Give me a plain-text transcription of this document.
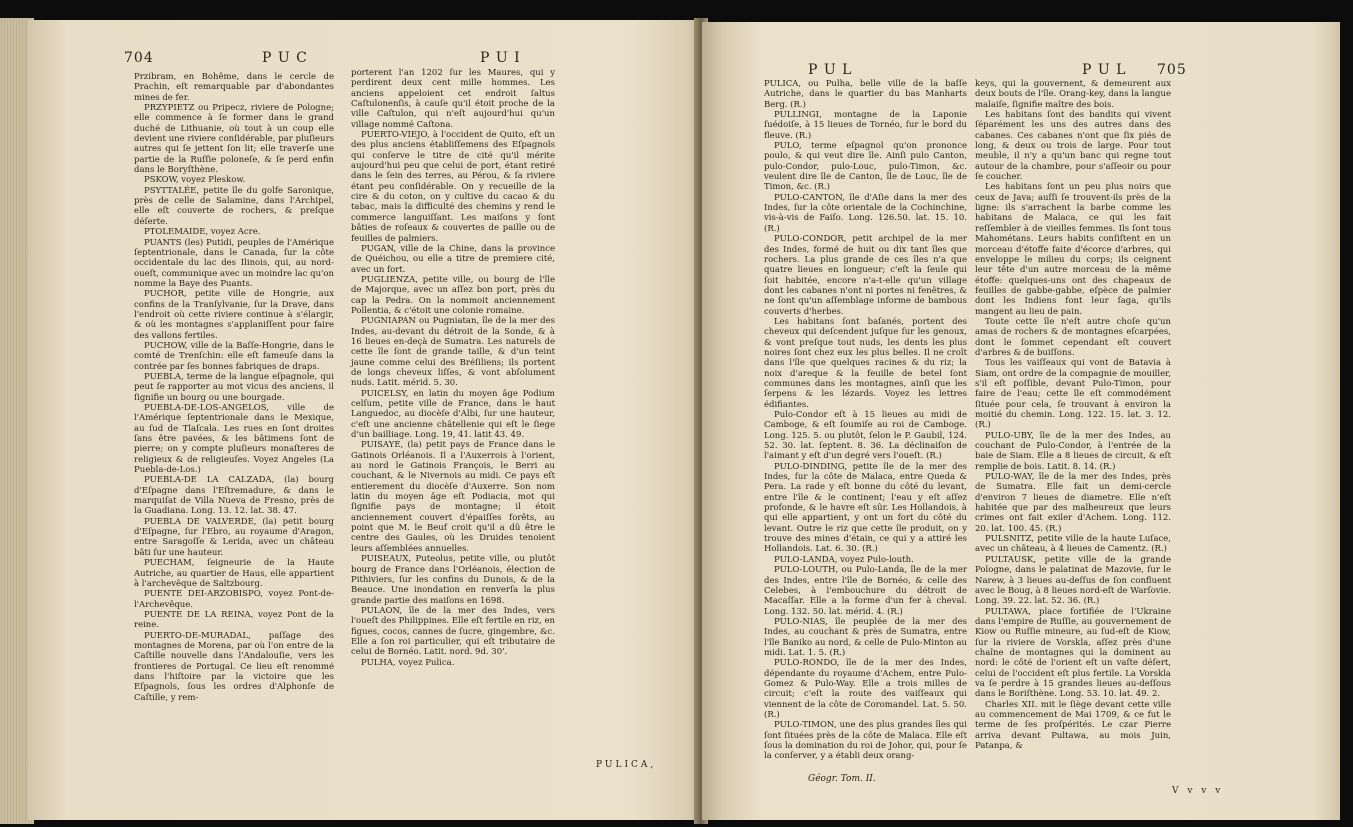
704	P U C	P U I

Przibram, en Bohême, dans le cercle de Prachin, eſt remarquable par d'abondantes mines de fer.

PRZYPIETZ ou Pripecz, riviere de Pologne; elle commence à ſe former dans le grand duché de Lithuanie, où tout à un coup elle devient une riviere conſidérable, par pluſieurs autres qui ſe jettent ſon lit; elle traverſe une partie de la Ruſſie poloneſe, & ſe perd enfin dans le Boryſthène.

PSKOW, voyez Pleskow.

PSYTTALÉE, petite île du golfe Saronique, près de celle de Salamine, dans l'Archipel, elle eſt couverte de rochers, & preſque déſerte.

PTOLEMAIDE, voyez Acre.

PUANTS (les) Putidi, peuples de l'Amérique ſeptentrionale, dans le Canada, ſur la côte occidentale du lac des Ilinois, qui, au nord-oueſt, communique avec un moindre lac qu'on nomme la Baye des Puants.

PUCHOR, petite ville de Hongrie, aux confins de la Tranſylvanie, ſur la Drave, dans l'endroit où cette riviere continue à s'élargir, & où les montagnes s'applaniſſent pour faire des vallons fertiles.

PUCHOW, ville de la Baſſe-Hongrie, dans le comté de Trenſchin: elle eſt fameuſe dans la contrée par ſes bonnes fabriques de draps.

PUEBLA, terme de la langue eſpagnole, qui peut ſe rapporter au mot vicus des anciens, il ſignifie un bourg ou une bourgade.

PUEBLA-DE-LOS-ANGELOS, ville de l'Amérique ſeptentrionale dans le Mexique, au ſud de Tlaſcala. Les rues en ſont droites ſans être pavées, & les bâtimens ſont de pierre; on y compte pluſieurs monaſteres de religieux & de religieuſes. Voyez Angeles (La Puebla-de-Los.)

PUEBLA-DE LA CALZADA, (la) bourg d'Eſpagne dans l'Eſtremadure, & dans le marquiſat de Villa Nueva de Fresno, près de la Guadiana. Long. 13. 12. lat. 38. 47.

PUEBLA DE VALVERDE, (la) petit bourg d'Eſpagne, ſur l'Ebro, au royaume d'Aragon, entre Saragoſſe & Lerida, avec un château bâti ſur une hauteur.

PUECHAM, ſeigneurie de la Haute Autriche, au quartier de Haus, elle appartient à l'archevêque de Saltzbourg.

PUENTE DEI-ARZOBISPO, voyez Pont-de-l'Archevêque.

PUENTE DE LA REINA, voyez Pont de la reine.

PUERTO-DE-MURADAL, paſſage des montagnes de Morena, par où l'on entre de la Caſtille nouvelle dans l'Andalouſie, vers les frontieres de Portugal. Ce lieu eſt renommé dans l'hiſtoire par la victoire que les Eſpagnols, ſous les ordres d'Alphonſe de Caſtille, y rem-

porterent l'an 1202 ſur les Maures, qui y perdirent deux cent mille hommes. Les anciens appeloient cet endroit ſaltus Caſtulonenſis, à cauſe qu'il étoit proche de la ville Caſtulon, qui n'eſt aujourd'hui qu'un village nommé Caſtona.

PUERTO-VIEJO, à l'occident de Quito, eſt un des plus anciens établiſſemens des Eſpagnols qui conſerve le titre de cité qu'il mérite aujourd'hui peu que celui de port, étant retiré dans le ſein des terres, au Pérou, & ſa riviere étant peu conſidérable. On y recueille de la cire & du coton, on y cultive du cacao & du tabac, mais la difficulté des chemins y rend le commerce languiſſant. Les maiſons y ſont bâties de roſeaux & couvertes de paille ou de feuilles de palmiers.

PUGAN, ville de la Chine, dans la province de Quéichou, ou elle a titre de premiere cité, avec un fort.

PUGLIENZA, petite ville, ou bourg de l'île de Majorque, avec un aſſez bon port, près du cap la Pedra. On la nommoit anciennement Pollentia, & c'étoit une colonie romaine.

PUGNIAPAN ou Pugniatan, île de la mer des Indes, au-devant du détroit de la Sonde, & à 16 lieues en-deçà de Sumatra. Les naturels de cette île ſont de grande taille, & d'un teint jaune comme celui des Bréſiliens; ils portent de longs cheveux liſſes, & vont abſolument nuds. Latit. mérid. 5. 30.

PUICELSY, en latin du moyen âge Podium celſum, petite ville de France, dans le haut Languedoc, au diocèſe d'Albi, ſur une hauteur, c'eſt une ancienne châtellenie qui eſt le ſiege d'un bailliage. Long. 19, 41. latit 43. 49.

PUISAYE, (la) petit pays de France dans le Gatinois Orléanois. Il a l'Auxerrois à l'orient, au nord le Gatinois François, le Berri au couchant, & le Nivernois au midi. Ce pays eſt entierement du diocèſe d'Auxerre. Son nom latin du moyen âge eſt Podiacia, mot qui ſignifie pays de montagne; il étoit anciennement couvert d'épaiſſes forêts, au point que M. le Beuf croit qu'il a dû être le centre des Gaules, où les Druides tenoient leurs aſſemblées annuelles.

PUISEAUX, Puteolus, petite ville, ou plutôt bourg de France dans l'Orléanois, élection de Pithiviers, ſur les confins du Dunois, & de la Beauce. Une inondation en renverſa la plus grande partie des maiſons en 1698.

PULAON, île de la mer des Indes, vers l'oueſt des Philippines. Elle eſt fertile en riz, en figues, cocos, cannes de ſucre, gingembre, &c. Elle a ſon roi particulier, qui eſt tributaire de celui de Bornéo. Latit. nord. 9d. 30'.

PULHA, voyez Pulica.

PULICA,
P U L	P U L 705

PULICA, ou Pulha, belle ville de la baſſe Autriche, dans le quartier du bas Manharts Berg. (R.)

PULLINGI, montagne de la Laponie ſuédoiſe, à 15 lieues de Tornéo, ſur le bord du fleuve. (R.)

PULO, terme eſpagnol qu'on prononce poulo, & qui veut dire île. Ainſi pulo Canton, pulo-Condor, pulo-Louc, pulo-Timon, &c. veulent dire île de Canton, île de Louc, île de Timon, &c. (R.)

PULO-CANTON, île d'Aſie dans la mer des Indes, ſur la côte orientale de la Cochinchine, vis-à-vis de Faiſo. Long. 126.50. lat. 15. 10. (R.)

PULO-CONDOR, petit archipel de la mer des Indes, formé de huit ou dix tant îles que rochers. La plus grande de ces îles n'a que quatre lieues en longueur; c'eſt la ſeule qui ſoit habitée, encore n'a-t-elle qu'un village dont les cabanes n'ont ni portes ni fenêtres, & ne ſont qu'un aſſemblage informe de bambous couverts d'herbes.

Les habitans ſont baſanés, portent des cheveux qui deſcendent juſque ſur les genoux, & vont preſque tout nuds, les dents les plus noires ſont chez eux les plus belles. Il ne croît dans l'île que quelques racines & du riz; la noix d'areque & la feuille de betel ſont communes dans les montagnes, ainſi que les ſerpens & les lézards. Voyez les lettres édifiantes.

Pulo-Condor eſt à 15 lieues au midi de Camboge, & eſt ſoumiſe au roi de Camboge. Long. 125. 5. ou plutôt, ſelon le P. Gaubil, 124. 52. 30. lat. ſeptent. 8. 36. La déclinaiſon de l'aimant y eſt d'un degré vers l'oueſt. (R.)

PULO-DINDING, petite île de la mer des Indes, ſur la côte de Malaca, entre Queda & Pera. La rade y eſt bonne du côté du levant, entre l'île & le continent; l'eau y eſt aſſez profonde, & le havre eſt sûr. Les Hollandois, à qui elle appartient, y ont un fort du côté du levant. Outre le riz que cette île produit, on y trouve des mines d'étain, ce qui y a attiré les Hollandois. Lat. 6. 30. (R.)

PULO-LANDA, voyez Pulo-louth.

PULO-LOUTH, ou Pulo-Landa, île de la mer des Indes, entre l'île de Bornéo, & celle des Celebes, à l'embouchure du détroit de Macaſſar. Elle a la forme d'un fer à cheval. Long. 132. 50. lat. mérid. 4. (R.)

PULO-NIAS, île peuplée de la mer des Indes, au couchant & près de Sumatra, entre l'île Baniko au nord, & celle de Pulo-Minton au midi. Lat. 1. 5. (R.)

PULO-RONDO, île de la mer des Indes, dépendante du royaume d'Achem, entre Pulo-Gomez & Pulo-Way. Elle a trois milles de circuit; c'eſt la route des vaiſſeaux qui viennent de la côte de Coromandel. Lat. 5. 50. (R.)

PULO-TIMON, une des plus grandes îles qui ſont ſituées près de la côte de Malaca. Elle eſt ſous la domination du roi de Johor, qui, pour ſe la conſerver, y a établi deux orang-

Géogr. Tom. II.

keys, qui la gouvernent, & demeurent aux deux bouts de l'île. Orang-key, dans la langue malaiſe, ſignifie maître des bois.

Les habitans ſont des bandits qui vivent ſéparément les uns des autres dans des cabanes. Ces cabanes n'ont que ſix piés de long, & deux ou trois de large. Pour tout meuble, il n'y a qu'un banc qui regne tout autour de la chambre, pour s'aſſeoir ou pour ſe coucher.

Les habitans ſont un peu plus noirs que ceux de Java; auſſi ſe trouvent-ils près de la ligne: ils s'arrachent la barbe comme les habitans de Malaca, ce qui les fait reſſembler à de vieilles femmes. Ils ſont tous Mahométans. Leurs habits conſiſtent en un morceau d'étoffe faite d'écorce d'arbres, qui enveloppe le milieu du corps; ils ceignent leur tête d'un autre morceau de la même étoffe: quelques-uns ont des chapeaux de feuilles de gabbe-gabbe, eſpèce de palmier dont les Indiens font leur ſaga, qu'ils mangent au lieu de pain.

Toute cette île n'eſt autre choſe qu'un amas de rochers & de montagnes eſcarpées, dont le ſommet cependant eſt couvert d'arbres & de buiſſons.

Tous les vaiſſeaux qui vont de Batavia à Siam, ont ordre de la compagnie de mouiller, s'il eſt poſſible, devant Pulo-Timon, pour faire de l'eau; cette île eſt commodément ſituée pour cela, ſe trouvant à environ la moitié du chemin. Long. 122. 15. lat. 3. 12. (R.)

PULO-UBY, île de la mer des Indes, au couchant de Pulo-Condor, à l'entrée de la baie de Siam. Elle a 8 lieues de circuit, & eſt remplie de bois. Latit. 8. 14. (R.)

PULO-WAY, île de la mer des Indes, près de Sumatra. Elle fait un demi-cercle d'environ 7 lieues de diametre. Elle n'eſt habitée que par des malheureux que leurs crimes ont fait exiler d'Achem. Long. 112. 20. lat. 100. 45. (R.)

PULSNITZ, petite ville de la haute Luſace, avec un château, à 4 lieues de Camentz. (R.)

PULTAUSK, petite ville de la grande Pologne, dans le palatinat de Mazovie, ſur le Narew, à 3 lieues au-deſſus de ſon confluent avec le Boug, à 8 lieues nord-eſt de Warſovie. Long. 39. 22. lat. 52. 36. (R.)

PULTAWA, place fortifiée de l'Ukraine dans l'empire de Ruſſie, au gouvernement de Kiow ou Ruſſie mineure, au ſud-eſt de Kiow, ſur la riviere de Vorskla, aſſez près d'une chaîne de montagnes qui la dominent au nord: le côté de l'orient eſt un vaſte déſert, celui de l'occident eſt plus fertile. La Vorskla va ſe perdre à 15 grandes lieues au-deſſous dans le Boriſthène. Long. 53. 10. lat. 49. 2.

Charles XII. mit le ſiège devant cette ville au commencement de Mai 1709, & ce fut le terme de ſes proſpérités. Le czar Pierre arriva devant Pultawa, au mois Juin, Patanpa, &

V v v v
